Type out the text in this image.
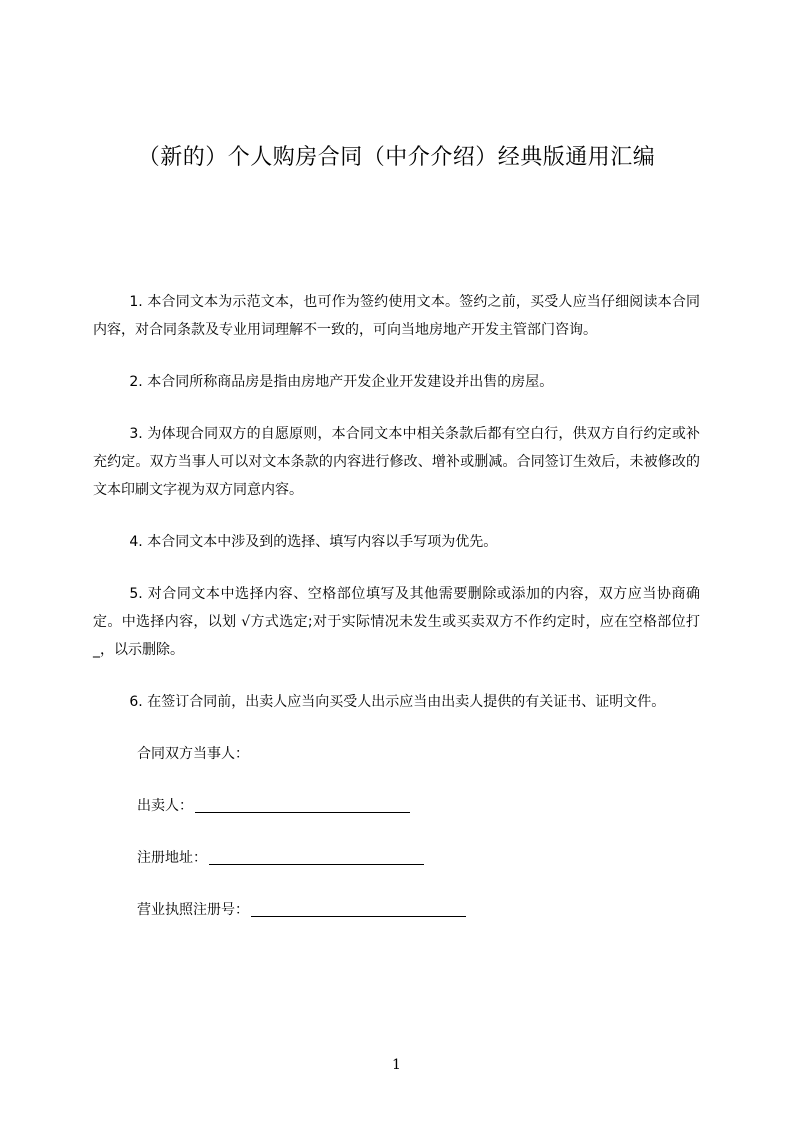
（新的）个人购房合同（中介介绍）经典版通用汇编

1. 本合同文本为示范文本，也可作为签约使用文本。签约之前，买受人应当仔细阅读本合同内容，对合同条款及专业用词理解不一致的，可向当地房地产开发主管部门咨询。

2. 本合同所称商品房是指由房地产开发企业开发建设并出售的房屋。

3. 为体现合同双方的自愿原则，本合同文本中相关条款后都有空白行，供双方自行约定或补充约定。双方当事人可以对文本条款的内容进行修改、增补或删减。合同签订生效后，未被修改的文本印刷文字视为双方同意内容。

4. 本合同文本中涉及到的选择、填写内容以手写项为优先。

5. 对合同文本中选择内容、空格部位填写及其他需要删除或添加的内容，双方应当协商确定。中选择内容，以划 √方式选定;对于实际情况未发生或买卖双方不作约定时，应在空格部位打_，以示删除。

6. 在签订合同前，出卖人应当向买受人出示应当由出卖人提供的有关证书、证明文件。

合同双方当事人：

出卖人：

注册地址：

营业执照注册号：

1
